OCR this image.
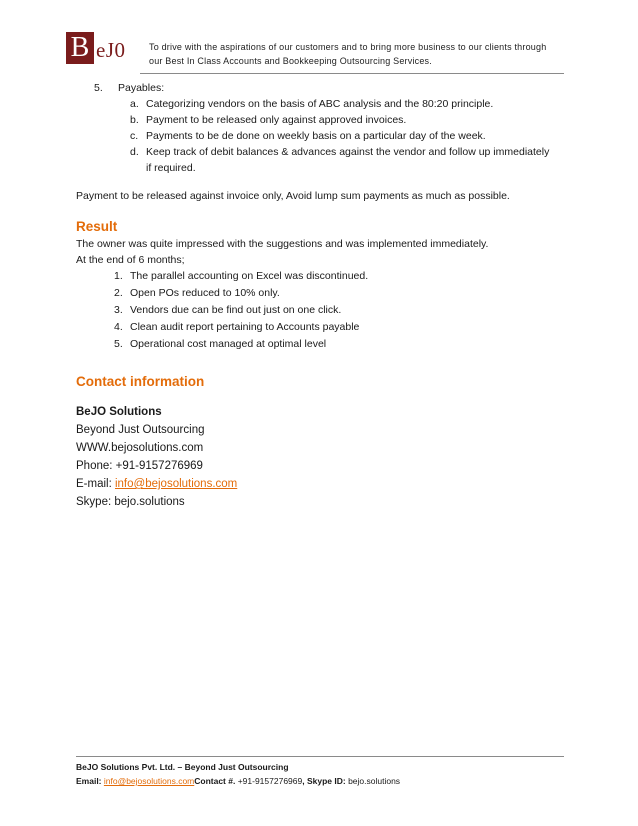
B eJ0	To drive with the aspirations of our customers and to bring more business to our clients through
our Best In Class Accounts and Bookkeeping Outsourcing Services.
5. Payables:
a. Categorizing vendors on the basis of ABC analysis and the 80:20 principle.
b. Payment to be released only against approved invoices.
c. Payments to be de done on weekly basis on a particular day of the week.
d. Keep track of debit balances & advances against the vendor and follow up immediately
if required.
Payment to be released against invoice only, Avoid lump sum payments as much as possible.
Result
The owner was quite impressed with the suggestions and was implemented immediately.
At the end of 6 months;
1. The parallel accounting on Excel was discontinued.
2. Open POs reduced to 10% only.
3. Vendors due can be find out just on one click.
4. Clean audit report pertaining to Accounts payable
5. Operational cost managed at optimal level
Contact information
BeJO Solutions
Beyond Just Outsourcing
WWW.bejosolutions.com
Phone: +91-9157276969
E-mail: info@bejosolutions.com
Skype: bejo.solutions
BeJO Solutions Pvt. Ltd. – Beyond Just Outsourcing
Email: info@bejosolutions.comContact #. +91-9157276969, Skype ID: bejo.solutions
